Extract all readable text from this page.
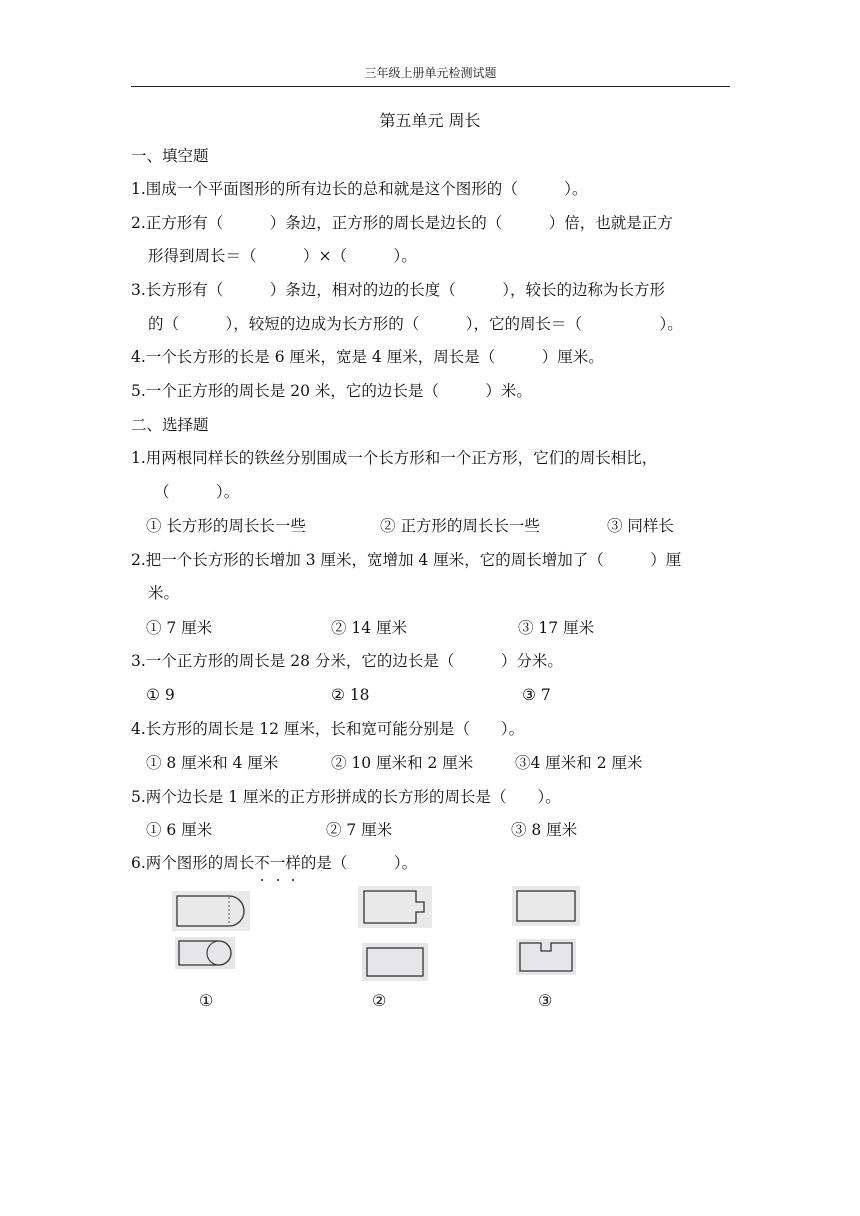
三年级上册单元检测试题
第五单元 周长
一、填空题
1.围成一个平面图形的所有边长的总和就是这个图形的（　　　）。
2.正方形有（　　　）条边，正方形的周长是边长的（　　　）倍，也就是正方
形得到周长＝（　　　）×（　　　）。
3.长方形有（　　　）条边，相对的边的长度（　　　），较长的边称为长方形
的（　　　），较短的边成为长方形的（　　　），它的周长＝（　　　　　）。
4.一个长方形的长是 6 厘米，宽是 4 厘米，周长是（　　　）厘米。
5.一个正方形的周长是 20 米，它的边长是（　　　）米。
二、选择题
1.用两根同样长的铁丝分别围成一个长方形和一个正方形，它们的周长相比，
（　　　）。
① 长方形的周长长一些	② 正方形的周长长一些	③ 同样长
2.把一个长方形的长增加 3 厘米，宽增加 4 厘米，它的周长增加了（　　　）厘
米。
① 7 厘米	② 14 厘米	③ 17 厘米
3.一个正方形的周长是 28 分米，它的边长是（　　　）分米。
① 9	② 18	③ 7
4.长方形的周长是 12 厘米，长和宽可能分别是（　　）。
① 8 厘米和 4 厘米	② 10 厘米和 2 厘米	③4 厘米和 2 厘米
5.两个边长是 1 厘米的正方形拼成的长方形的周长是（　　）。
① 6 厘米	② 7 厘米	③ 8 厘米
6.两个图形的周长不一样的是（　　　）。
①	②	③
